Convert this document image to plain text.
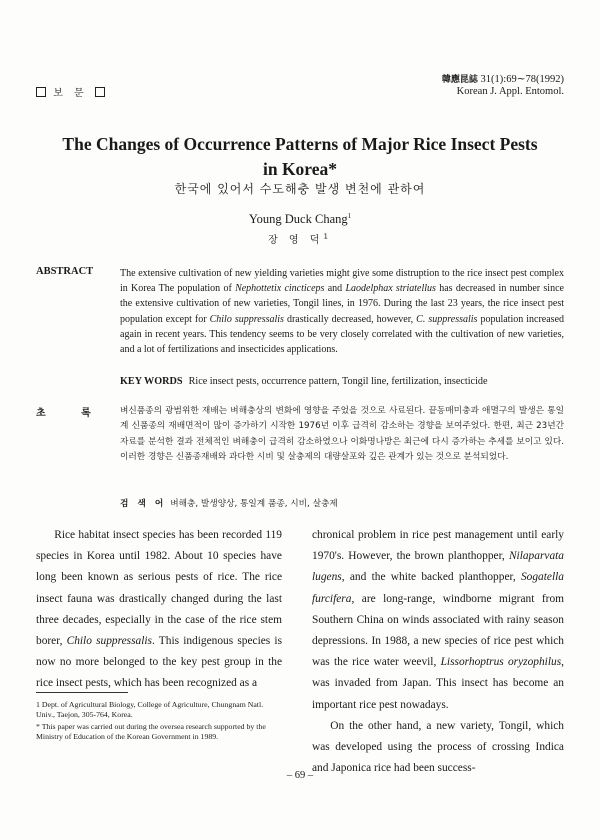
보 문
韓應昆誌 31(1):69∼78(1992)
Korean J. Appl. Entomol.
The Changes of Occurrence Patterns of Major Rice Insect Pests
in Korea*
한국에 있어서 수도해충 발생 변천에 관하여
Young Duck Chang$^1$
장 영 덕$^1$
ABSTRACT	The extensive cultivation of new yielding varieties might give some distruption to the rice insect pest complex in Korea The population of Nephottetix cincticeps and Laodelphax striatellus has decreased in number since the extensive cultivation of new varieties, Tongil lines, in 1976. During the last 23 years, the rice insect pest population except for Chilo suppressalis drastically decreased, however, C. suppressalis population increased again in recent years. This tendency seems to be very closely correlated with the cultivation of new varieties, and a lot of fertilizations and insecticides applications.
KEY WORDS Rice insect pests, occurrence pattern, Tongil line, fertilization, insecticide
초 록 벼신품종의 광범위한 재배는 벼해충상의 변화에 영향을 주었을 것으로 사료된다. 끝동매미충과 애멸구의 발생은 통일계 신품종의 재배면적이 많이 증가하기 시작한 1976년 이후 급격히 감소하는 경향을 보여주었다. 한편, 최근 23년간 자료를 분석한 결과 전체적인 벼해충이 급격히 감소하였으나 이화명나방은 최근에 다시 증가하는 추세를 보이고 있다. 이러한 경향은 신품종재배와 과다한 시비 및 살충제의 대량살포와 깊은 관계가 있는 것으로 분석되었다.
검 색 어 벼해충, 발생양상, 통일계 품종, 시비, 살충제

Rice habitat insect species has been recorded 119 species in Korea until 1982. About 10 species have long been known as serious pests of rice. The rice insect fauna was drastically changed during the last three decades, especially in the case of the rice stem borer, Chilo suppressalis. This indigenous species is now no more belonged to the key pest group in the rice insect pests, which has been recognized as a

chronical problem in rice pest management until early 1970's. However, the brown planthopper, Nilaparvata lugens, and the white backed planthopper, Sogatella furcifera, are long-range, windborne migrant from Southern China on winds associated with rainy season depressions. In 1988, a new species of rice pest which was the rice water weevil, Lissorhoptrus oryzophilus, was invaded from Japan. This insect has become an important rice pest nowadays.

On the other hand, a new variety, Tongil, which was developed using the process of crossing Indica and Japonica rice had been success-

1 Dept. of Agricultural Biology, College of Agriculture, Chungnam Natl. Univ., Taejon, 305-764, Korea.
* This paper was carried out during the oversea research supported by the Ministry of Education of the Korean Government in 1989.
– 69 –
